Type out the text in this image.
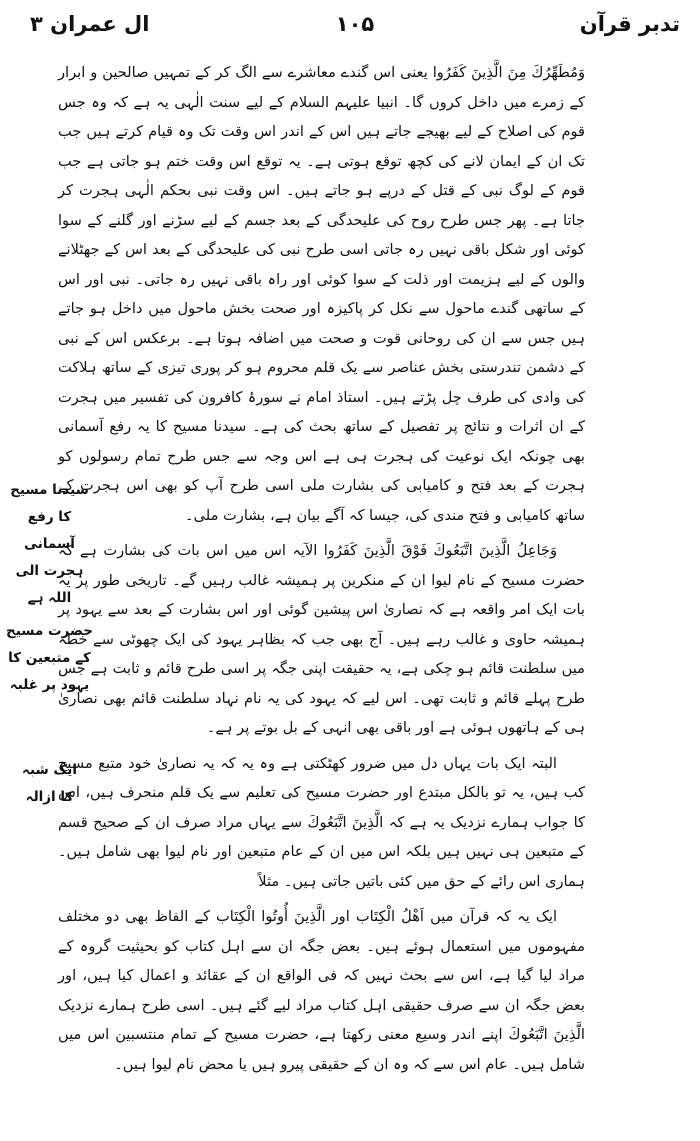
تدبر قرآن
۱۰۵
ال عمران ۳

وَمُطَهِّرُكَ مِنَ الَّذِينَ كَفَرُوا یعنی اس گندے معاشرے سے الگ کر کے تمہیں صالحین و ابرار کے زمرے میں داخل کروں گا۔ انبیا علیہم السلام کے لیے سنت الٰہی یہ ہے کہ وہ جس قوم کی اصلاح کے لیے بھیجے جاتے ہیں اس کے اندر اس وقت تک وہ قیام کرتے ہیں جب تک ان کے ایمان لانے کی کچھ توقع ہوتی ہے۔ یہ توقع اس وقت ختم ہو جاتی ہے جب قوم کے لوگ نبی کے قتل کے درپے ہو جاتے ہیں۔ اس وقت نبی بحکم الٰہی ہجرت کر جاتا ہے۔ پھر جس طرح روح کی علیحدگی کے بعد جسم کے لیے سڑنے اور گلنے کے سوا کوئی اور شکل باقی نہیں رہ جاتی اسی طرح نبی کی علیحدگی کے بعد اس کے جھٹلانے والوں کے لیے ہزیمت اور ذلت کے سوا کوئی اور راہ باقی نہیں رہ جاتی۔ نبی اور اس کے ساتھی گندے ماحول سے نکل کر پاکیزہ اور صحت بخش ماحول میں داخل ہو جاتے ہیں جس سے ان کی روحانی قوت و صحت میں اضافہ ہوتا ہے۔ برعکس اس کے نبی کے دشمن تندرستی بخش عناصر سے یک قلم محروم ہو کر پوری تیزی کے ساتھ ہلاکت کی وادی کی طرف چل پڑتے ہیں۔ استاذ امام نے سورۂ کافرون کی تفسیر میں ہجرت کے ان اثرات و نتائج پر تفصیل کے ساتھ بحث کی ہے۔ سیدنا مسیح کا یہ رفع آسمانی بھی چونکہ ایک نوعیت کی ہجرت ہی ہے اس وجہ سے جس طرح تمام رسولوں کو ہجرت کے بعد فتح و کامیابی کی بشارت ملی اسی طرح آپ کو بھی اس ہجرت کے ساتھ کامیابی و فتح مندی کی، جیسا کہ آگے بیان ہے، بشارت ملی۔

وَجَاعِلُ الَّذِينَ اتَّبَعُوكَ فَوْقَ الَّذِينَ كَفَرُوا الآیہ اس میں اس بات کی بشارت ہے کہ حضرت مسیح کے نام لیوا ان کے منکرین پر ہمیشہ غالب رہیں گے۔ تاریخی طور پر یہ بات ایک امر واقعہ ہے کہ نصاریٰ اس پیشین گوئی اور اس بشارت کے بعد سے یہود پر ہمیشہ حاوی و غالب رہے ہیں۔ آج بھی جب کہ بظاہر یہود کی ایک چھوٹی سے خطہ میں سلطنت قائم ہو چکی ہے، یہ حقیقت اپنی جگہ پر اسی طرح قائم و ثابت ہے جس طرح پہلے قائم و ثابت تھی۔ اس لیے کہ یہود کی یہ نام نہاد سلطنت قائم بھی نصاریٰ ہی کے ہاتھوں ہوئی ہے اور باقی بھی انہی کے بل بوتے پر ہے۔

البتہ ایک بات یہاں دل میں ضرور کھٹکتی ہے وہ یہ کہ یہ نصاریٰ خود متبع مسیح کب ہیں، یہ تو بالکل مبتدع اور حضرت مسیح کی تعلیم سے یک قلم منحرف ہیں، اس کا جواب ہمارے نزدیک یہ ہے کہ الَّذِينَ اتَّبَعُوكَ سے یہاں مراد صرف ان کے صحیح قسم کے متبعین ہی نہیں ہیں بلکہ اس میں ان کے عام متبعین اور نام لیوا بھی شامل ہیں۔ ہماری اس رائے کے حق میں کئی باتیں جاتی ہیں۔ مثلاً

ایک یہ کہ قرآن میں اَهْلُ الْكِتَاب اور الَّذِينَ أُوتُوا الْكِتَاب کے الفاظ بھی دو مختلف مفہوموں میں استعمال ہوئے ہیں۔ بعض جگہ ان سے اہل کتاب کو بحیثیت گروہ کے مراد لیا گیا ہے، اس سے بحث نہیں کہ فی الواقع ان کے عقائد و اعمال کیا ہیں، اور بعض جگہ ان سے صرف حقیقی اہل کتاب مراد لیے گئے ہیں۔ اسی طرح ہمارے نزدیک الَّذِينَ اتَّبَعُوكَ اپنے اندر وسیع معنی رکھتا ہے، حضرت مسیح کے تمام منتسبین اس میں شامل ہیں۔ عام اس سے کہ وہ ان کے حقیقی پیرو ہیں یا محض نام لیوا ہیں۔

سیدنا مسیح
کا رفع آسمانی
ہجرت الی اللہ ہے
حضرت مسیح
کے متبعین کا
یہود پر غلبہ
ایک شبہ
کا ازالہ
